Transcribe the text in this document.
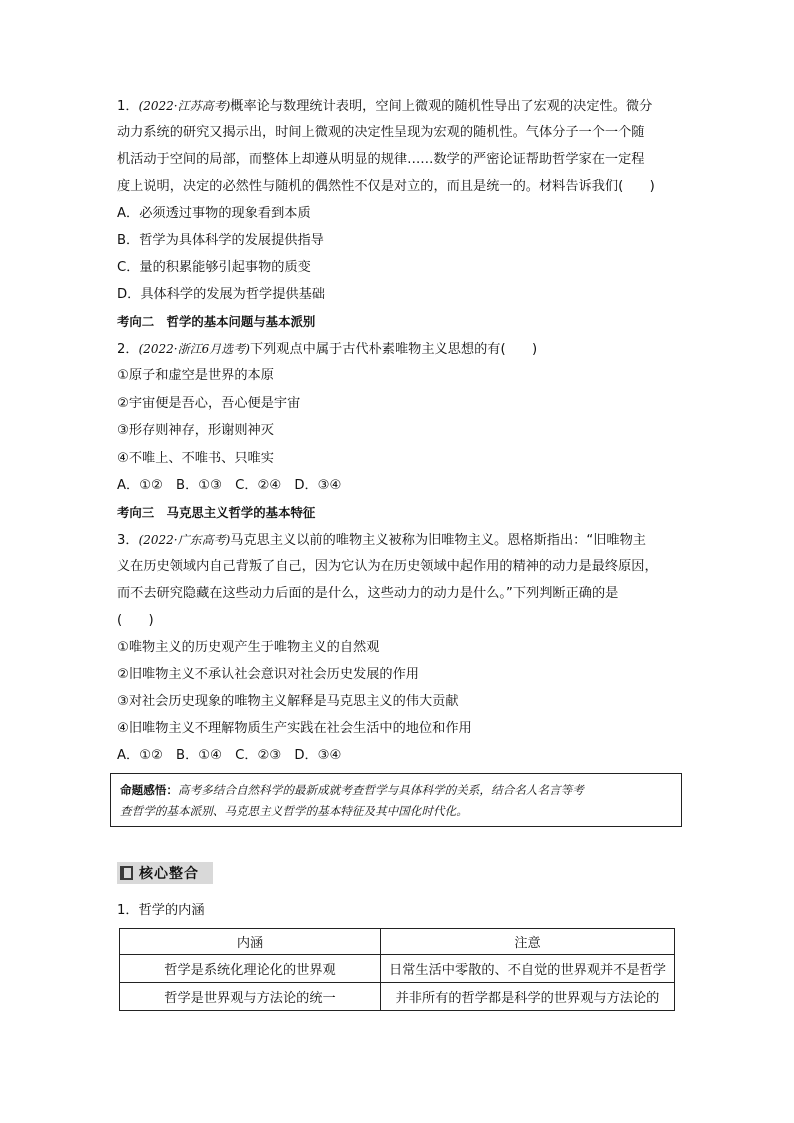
1．(2022·江苏高考)概率论与数理统计表明，空间上微观的随机性导出了宏观的决定性。微分
动力系统的研究又揭示出，时间上微观的决定性呈现为宏观的随机性。气体分子一个一个随
机活动于空间的局部，而整体上却遵从明显的规律……数学的严密论证帮助哲学家在一定程
度上说明，决定的必然性与随机的偶然性不仅是对立的，而且是统一的。材料告诉我们(　　)
A．必须透过事物的现象看到本质
B．哲学为具体科学的发展提供指导
C．量的积累能够引起事物的质变
D．具体科学的发展为哲学提供基础
考向二　哲学的基本问题与基本派别
2．(2022·浙江6月选考)下列观点中属于古代朴素唯物主义思想的有(　　)
①原子和虚空是世界的本原
②宇宙便是吾心，吾心便是宇宙
③形存则神存，形谢则神灭
④不唯上、不唯书、只唯实
A．①②　B．①③　C．②④　D．③④
考向三　马克思主义哲学的基本特征
3．(2022·广东高考)马克思主义以前的唯物主义被称为旧唯物主义。恩格斯指出：“旧唯物主
义在历史领域内自己背叛了自己，因为它认为在历史领域中起作用的精神的动力是最终原因，
而不去研究隐藏在这些动力后面的是什么，这些动力的动力是什么。”下列判断正确的是
(　　)
①唯物主义的历史观产生于唯物主义的自然观
②旧唯物主义不承认社会意识对社会历史发展的作用
③对社会历史现象的唯物主义解释是马克思主义的伟大贡献
④旧唯物主义不理解物质生产实践在社会生活中的地位和作用
A．①②　B．①④　C．②③　D．③④
命题感悟：高考多结合自然科学的最新成就考查哲学与具体科学的关系，结合名人名言等考
查哲学的基本派别、马克思主义哲学的基本特征及其中国化时代化。
核心整合
1．哲学的内涵
内涵	注意
哲学是系统化理论化的世界观	日常生活中零散的、不自觉的世界观并不是哲学
哲学是世界观与方法论的统一	并非所有的哲学都是科学的世界观与方法论的
